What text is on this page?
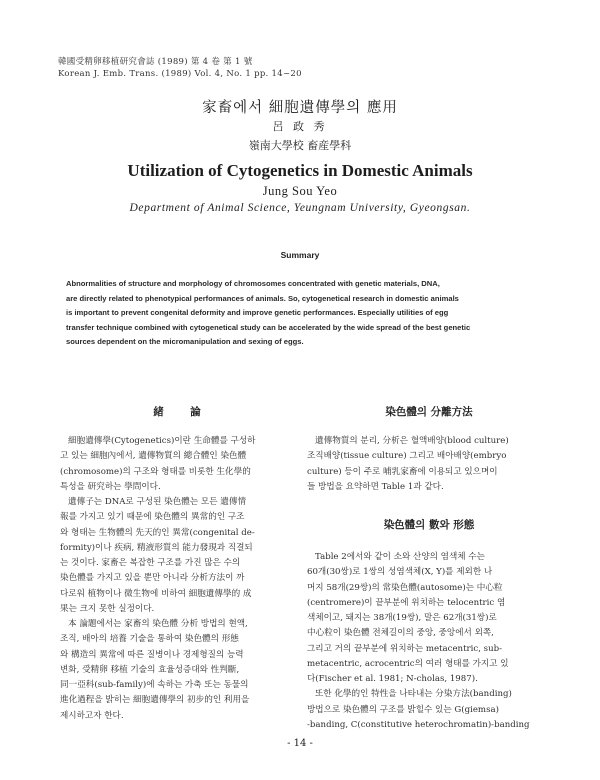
韓國受精卵移植研究會誌 (1989) 第 4 卷 第 1 號
Korean J. Emb. Trans. (1989) Vol. 4, No. 1 pp. 14~20
家畜에서 細胞遺傳學의 應用
呂 政 秀
嶺南大學校 畜産學科
Utilization of Cytogenetics in Domestic Animals
Jung Sou Yeo
Department of Animal Science, Yeungnam University, Gyeongsan.
Summary
Abnormalities of structure and morphology of chromosomes concentrated with genetic materials, DNA,
are directly related to phenotypical performances of animals. So, cytogenetical research in domestic animals
is important to prevent congenital deformity and improve genetic performances. Especially utilities of egg
transfer technique combined with cytogenetical study can be accelerated by the wide spread of the best genetic
sources dependent on the micromanipulation and sexing of eggs.
緒　論
細胞遺傳學(Cytogenetics)이란 生命體를 구성하
고 있는 細胞內에서, 遺傳物質의 總合體인 染色體
(chromosome)의 구조와 형태를 비롯한 生化學的
특성을 研究하는 學問이다.
遺傳子는 DNA로 구성된 染色體는 모든 遺傳情
報를 가지고 있기 때문에 染色體의 異常的인 구조
와 형태는 生物體의 先天的인 異常(congenital de-
formity)이나 疾病, 精液形質의 能力發現과 직결되
는 것이다. 家畜은 복잡한 구조를 가진 많은 수의
染色體를 가지고 있을 뿐만 아니라 分析方法이 까
다로워 植物이나 微生物에 비하여 細胞遺傳學的 成
果는 크지 못한 실정이다.
本 論題에서는 家畜의 染色體 分析 방법의 현액,
조직, 배아의 培養 기술을 통하여 染色體의 形態
와 構造의 異常에 따른 질병이나 경제형질의 능력
변화, 受精卵 移植 기술의 효율성증대와 性判斷,
同一亞科(sub-family)에 속하는 가축 또는 동물의
進化過程을 밝히는 細胞遺傳學의 初步的인 利用을
제시하고자 한다.
染色體의 分離方法
遺傳物質의 분리, 分析은 혈액배양(blood culture)
조직배양(tissue culture) 그리고 배아배양(embryo
culture) 등이 주로 哺乳家畜에 이용되고 있으며이
들 방법을 요약하면 Table 1과 같다.
染色體의 數와 形態
Table 2에서와 같이 소와 산양의 염색체 수는
60개(30쌍)로 1쌍의 성염색체(X, Y)를 제외한 나
머지 58개(29쌍)의 常染色體(autosome)는 中心粒
(centromere)이 끝부분에 위치하는 telocentric 염
색체이고, 돼지는 38개(19쌍), 말은 62개(31쌍)로
中心粒이 染色體 전체길이의 중앙, 중앙에서 외쪽,
그리고 거의 끝부분에 위치하는 metacentric, sub-
metacentric, acrocentric의 여러 형태를 가지고 있
다(Fischer et al. 1981; N-cholas, 1987).
또한 化學的인 特性을 나타내는 分染方法(banding)
방법으로 染色體의 구조를 밝힐수 있는 G(giemsa)
-banding, C(constitutive heterochromatin)-banding
- 14 -
